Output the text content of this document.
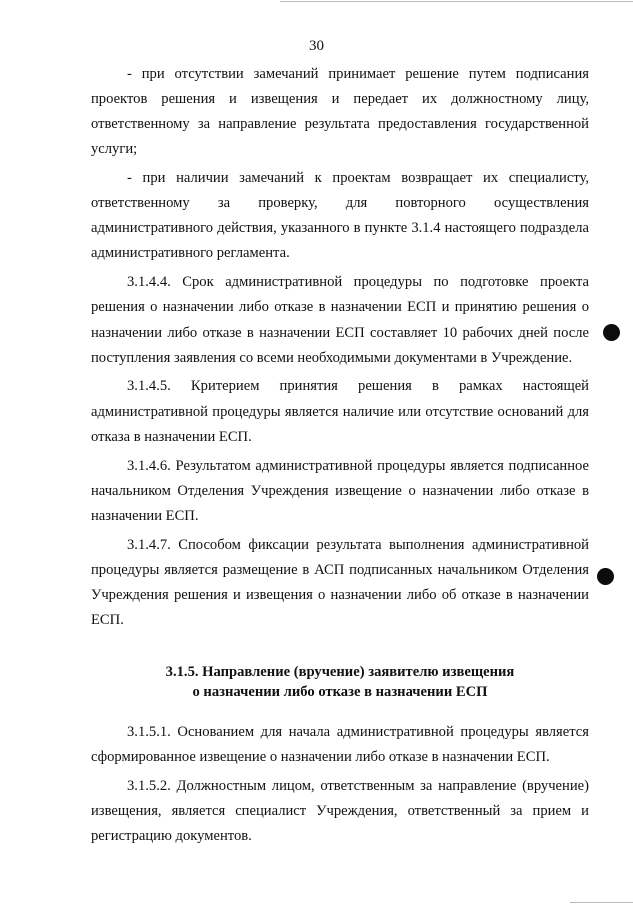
30

- при отсутствии замечаний принимает решение путем подписания проектов решения и извещения и передает их должностному лицу, ответственному за направление результата предоставления государственной услуги;

- при наличии замечаний к проектам возвращает их специалисту, ответственному за проверку, для повторного осуществления административного действия, указанного в пункте 3.1.4 настоящего подраздела административного регламента.

3.1.4.4. Срок административной процедуры по подготовке проекта решения о назначении либо отказе в назначении ЕСП и принятию решения о назначении либо отказе в назначении ЕСП составляет 10 рабочих дней после поступления заявления со всеми необходимыми документами в Учреждение.

3.1.4.5. Критерием принятия решения в рамках настоящей административной процедуры является наличие или отсутствие оснований для отказа в назначении ЕСП.

3.1.4.6. Результатом административной процедуры является подписанное начальником Отделения Учреждения извещение о назначении либо отказе в назначении ЕСП.

3.1.4.7. Способом фиксации результата выполнения административной процедуры является размещение в АСП подписанных начальником Отделения Учреждения решения и извещения о назначении либо об отказе в назначении ЕСП.

3.1.5. Направление (вручение) заявителю извещения
о назначении либо отказе в назначении ЕСП

3.1.5.1. Основанием для начала административной процедуры является сформированное извещение о назначении либо отказе в назначении ЕСП.

3.1.5.2. Должностным лицом, ответственным за направление (вручение) извещения, является специалист Учреждения, ответственный за прием и регистрацию документов.
